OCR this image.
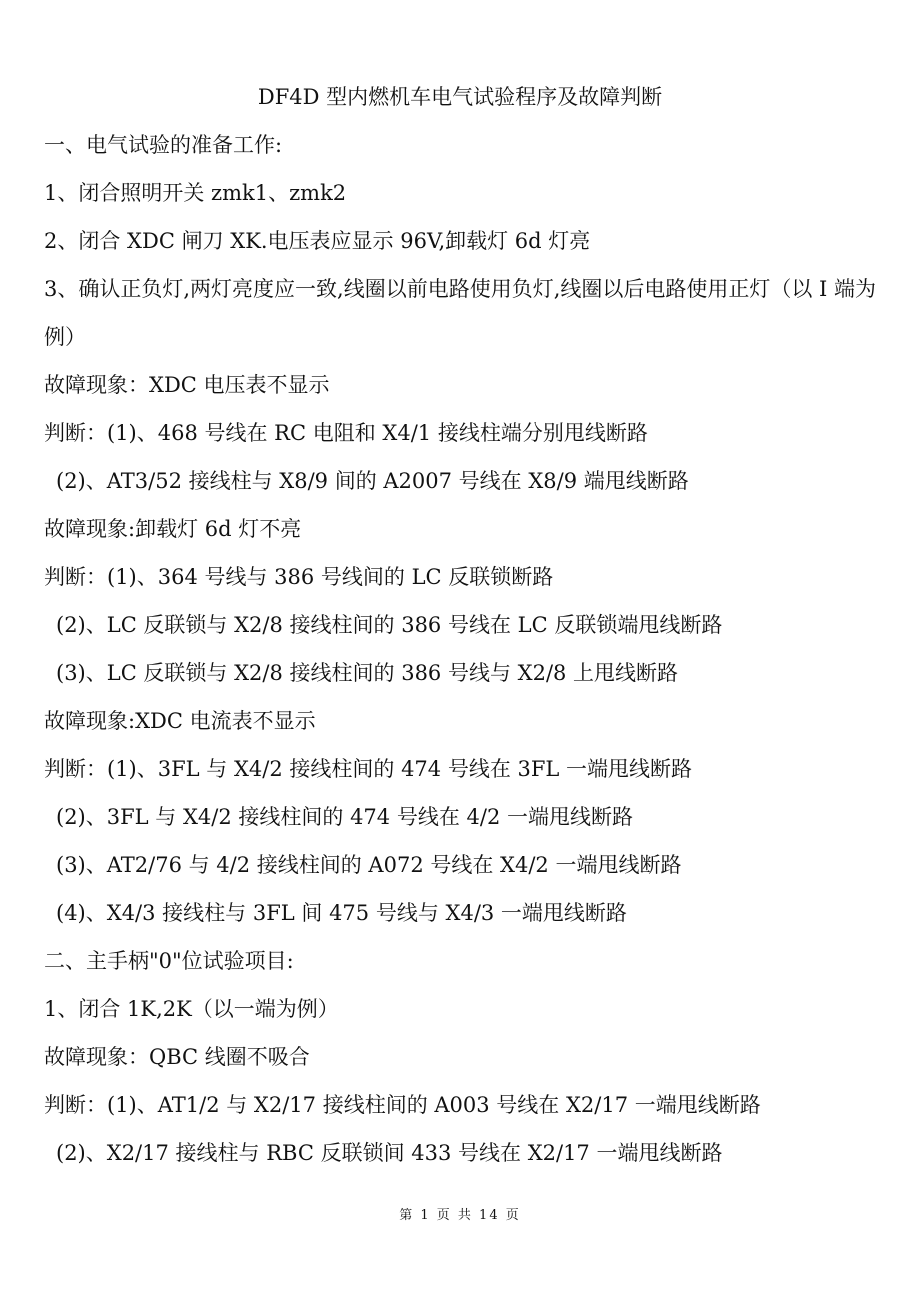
DF4D 型内燃机车电气试验程序及故障判断
一、电气试验的准备工作:
1、闭合照明开关 zmk1、zmk2
2、闭合 XDC 闸刀 XK.电压表应显示 96V,卸载灯 6d 灯亮
3、确认正负灯,两灯亮度应一致,线圈以前电路使用负灯,线圈以后电路使用正灯（以 I 端为例）
故障现象：XDC 电压表不显示
判断：(1)、468 号线在 RC 电阻和 X4/1 接线柱端分别甩线断路
(2)、AT3/52 接线柱与 X8/9 间的 A2007 号线在 X8/9 端甩线断路
故障现象:卸载灯 6d 灯不亮
判断：(1)、364 号线与 386 号线间的 LC 反联锁断路
(2)、LC 反联锁与 X2/8 接线柱间的 386 号线在 LC 反联锁端甩线断路
(3)、LC 反联锁与 X2/8 接线柱间的 386 号线与 X2/8 上甩线断路
故障现象:XDC 电流表不显示
判断：(1)、3FL 与 X4/2 接线柱间的 474 号线在 3FL 一端甩线断路
(2)、3FL 与 X4/2 接线柱间的 474 号线在 4/2 一端甩线断路
(3)、AT2/76 与 4/2 接线柱间的 A072 号线在 X4/2 一端甩线断路
(4)、X4/3 接线柱与 3FL 间 475 号线与 X4/3 一端甩线断路
二、主手柄"0"位试验项目:
1、闭合 1K,2K（以一端为例）
故障现象：QBC 线圈不吸合
判断：(1)、AT1/2 与 X2/17 接线柱间的 A003 号线在 X2/17 一端甩线断路
(2)、X2/17 接线柱与 RBC 反联锁间 433 号线在 X2/17 一端甩线断路
第 1 页 共 14 页
